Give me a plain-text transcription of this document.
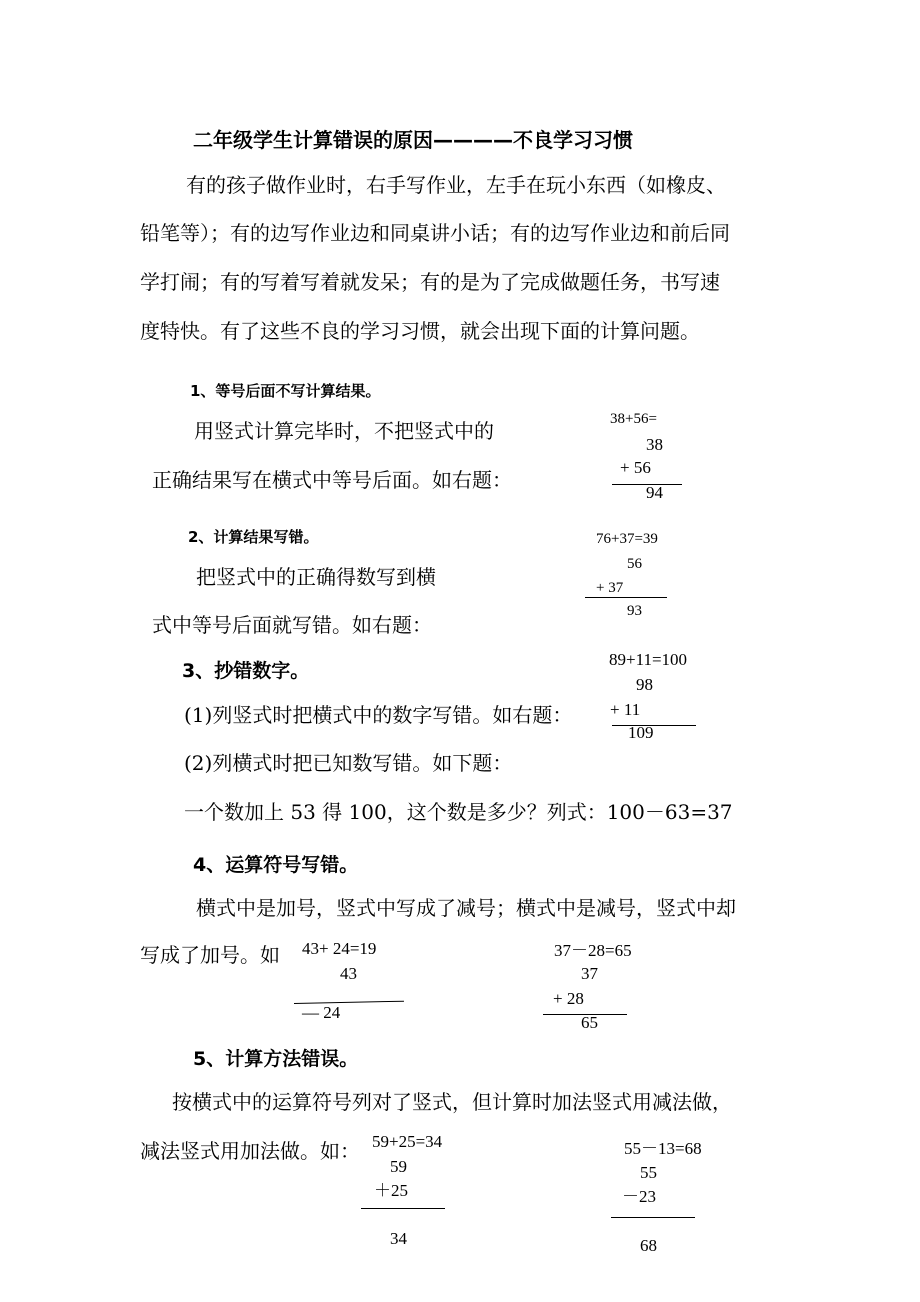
二年级学生计算错误的原因————不良学习习惯
有的孩子做作业时，右手写作业，左手在玩小东西（如橡皮、
铅笔等）；有的边写作业边和同桌讲小话；有的边写作业边和前后同
学打闹；有的写着写着就发呆；有的是为了完成做题任务，书写速
度特快。有了这些不良的学习习惯，就会出现下面的计算问题。
1、等号后面不写计算结果。
用竖式计算完毕时，不把竖式中的
正确结果写在横式中等号后面。如右题：
38+56=
38
+ 56
94
2、计算结果写错。
把竖式中的正确得数写到横
式中等号后面就写错。如右题：
76+37=39
56
+ 37
93
3、抄错数字。
(1)列竖式时把横式中的数字写错。如右题：
(2)列横式时把已知数写错。如下题：
一个数加上 53 得 100，这个数是多少？列式：100－63=37
89+11=100
98
+ 11
109
4、运算符号写错。
横式中是加号，竖式中写成了减号；横式中是减号，竖式中却
写成了加号。如 43+ 24=19
43
— 24
37－28=65
37
+ 28
65
5、计算方法错误。
按横式中的运算符号列对了竖式，但计算时加法竖式用减法做，
减法竖式用加法做。如： 59+25=34
59
＋25
34
55－13=68
55
－23
68
